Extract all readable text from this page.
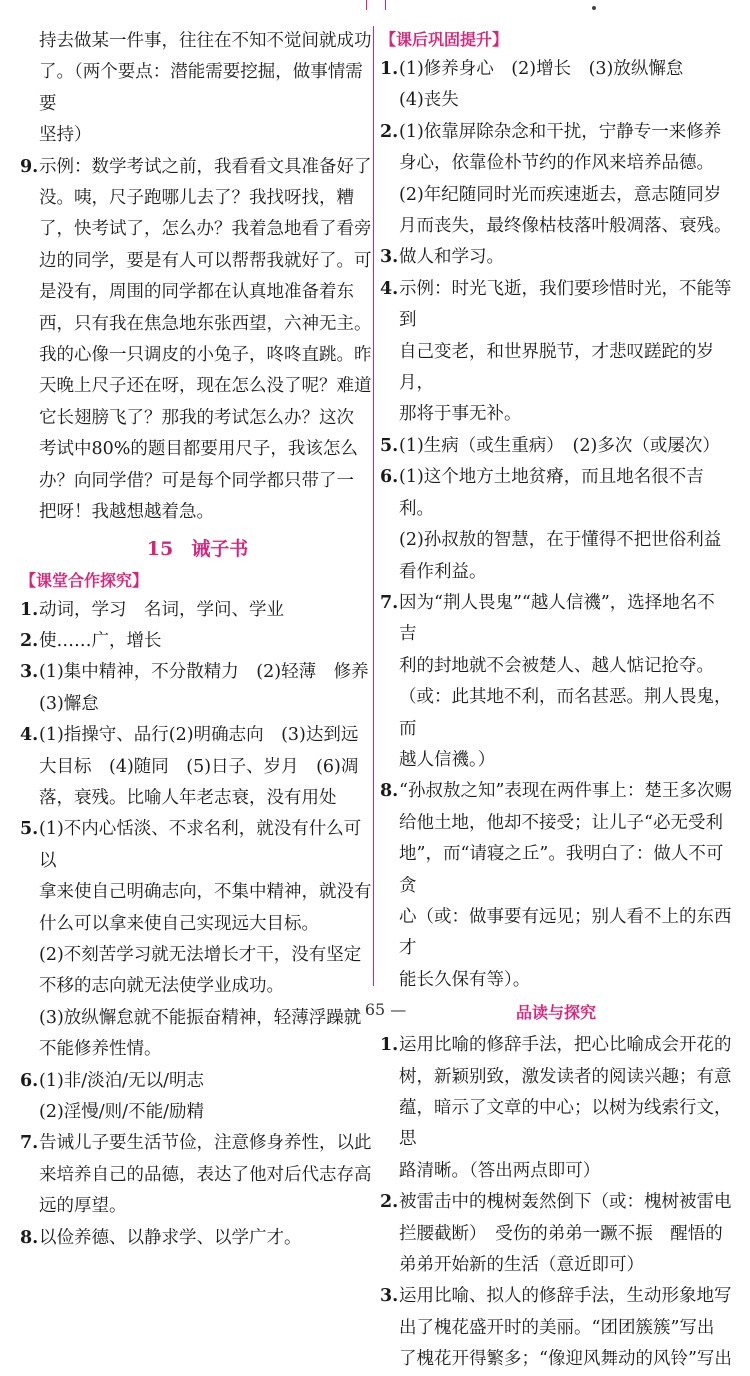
持去做某一件事，往往在不知不觉间就成功

了。（两个要点：潜能需要挖掘，做事情需要

坚持）

9. 示例：数学考试之前，我看看文具准备好了

没。咦，尺子跑哪儿去了？我找呀找，糟

了，快考试了，怎么办？我着急地看了看旁

边的同学，要是有人可以帮帮我就好了。可

是没有，周围的同学都在认真地准备着东

西，只有我在焦急地东张西望，六神无主。

我的心像一只调皮的小兔子，咚咚直跳。昨

天晚上尺子还在呀，现在怎么没了呢？难道

它长翅膀飞了？那我的考试怎么办？这次

考试中80%的题目都要用尺子，我该怎么

办？向同学借？可是每个同学都只带了一

把呀！我越想越着急。

15 诫子书
【课堂合作探究】
1. 动词，学习　名词，学问、学业

2. 使……广，增长

3. (1)集中精神，不分散精力　(2)轻薄　修养

(3)懈怠

4. (1)指操守、品行(2)明确志向　(3)达到远

大目标　(4)随同　(5)日子、岁月　(6)凋

落，衰残。比喻人年老志衰，没有用处

5. (1)不内心恬淡、不求名利，就没有什么可以

拿来使自己明确志向，不集中精神，就没有

什么可以拿来使自己实现远大目标。

(2)不刻苦学习就无法增长才干，没有坚定

不移的志向就无法使学业成功。

(3)放纵懈怠就不能振奋精神，轻薄浮躁就

不能修养性情。

6. (1)非/淡泊/无以/明志

(2)淫慢/则/不能/励精

7. 告诫儿子要生活节俭，注意修身养性，以此

来培养自己的品德，表达了他对后代志存高

远的厚望。

8. 以俭养德、以静求学、以学广才。

【课后巩固提升】
1. (1)修养身心　(2)增长　(3)放纵懈怠

(4)丧失

2. (1)依靠屏除杂念和干扰，宁静专一来修养

身心，依靠俭朴节约的作风来培养品德。

(2)年纪随同时光而疾速逝去，意志随同岁

月而丧失，最终像枯枝落叶般凋落、衰残。

3. 做人和学习。

4. 示例：时光飞逝，我们要珍惜时光，不能等到

自己变老，和世界脱节，才悲叹蹉跎的岁月，

那将于事无补。

5. (1)生病（或生重病）　(2)多次（或屡次）

6. (1)这个地方土地贫瘠，而且地名很不吉利。

(2)孙叔敖的智慧，在于懂得不把世俗利益

看作利益。

7. 因为“荆人畏鬼”“越人信禨”，选择地名不吉

利的封地就不会被楚人、越人惦记抢夺。

（或：此其地不利，而名甚恶。荆人畏鬼，而

越人信禨。）

8. “孙叔敖之知”表现在两件事上：楚王多次赐

给他土地，他却不接受；让儿子“必无受利

地”，而“请寝之丘”。我明白了：做人不可贪

心（或：做事要有远见；别人看不上的东西才

能长久保有等）。

品读与探究
1. 运用比喻的修辞手法，把心比喻成会开花的

树，新颖别致，激发读者的阅读兴趣；有意

蕴，暗示了文章的中心；以树为线索行文，思

路清晰。（答出两点即可）

2. 被雷击中的槐树轰然倒下（或：槐树被雷电

拦腰截断）　受伤的弟弟一蹶不振　醒悟的

弟弟开始新的生活（意近即可）

3. 运用比喻、拟人的修辞手法，生动形象地写

出了槐花盛开时的美丽。“团团簇簇”写出

了槐花开得繁多；“像迎风舞动的风铃”写出

— 65 —
